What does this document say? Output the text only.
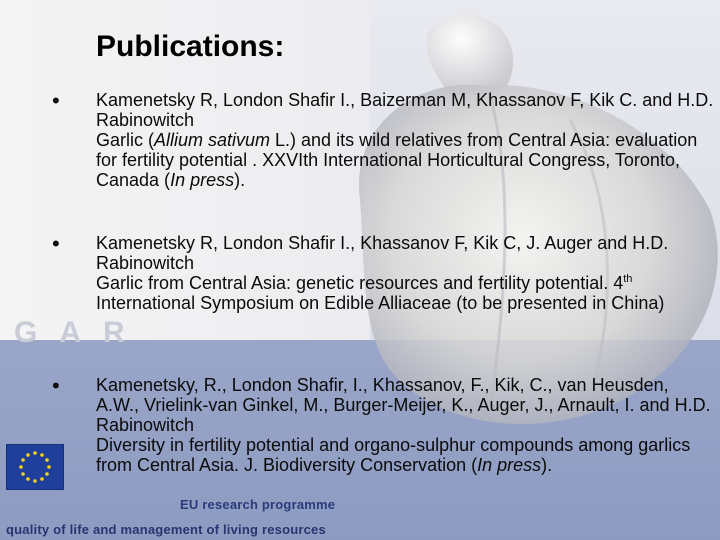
GAR
Publications:
• Kamenetsky R, London Shafir I., Baizerman M, Khassanov F, Kik C. and H.D. Rabinowitch

Garlic (Allium sativum L.) and its wild relatives from Central Asia: evaluation for fertility potential . XXVIth International Horticultural Congress, Toronto, Canada (In press).

• Kamenetsky R, London Shafir I., Khassanov F, Kik C, J. Auger and H.D. Rabinowitch

Garlic from Central Asia: genetic resources and fertility potential. 4th International Symposium on Edible Alliaceae (to be presented in China)

• Kamenetsky, R., London Shafir, I., Khassanov, F., Kik, C., van Heusden, A.W., Vrielink-van Ginkel, M., Burger-Meijer, K., Auger, J., Arnault, I. and H.D. Rabinowitch

Diversity in fertility potential and organo-sulphur compounds among garlics from Central Asia. J. Biodiversity Conservation (In press).

EU research programme
quality of life and management of living resources
